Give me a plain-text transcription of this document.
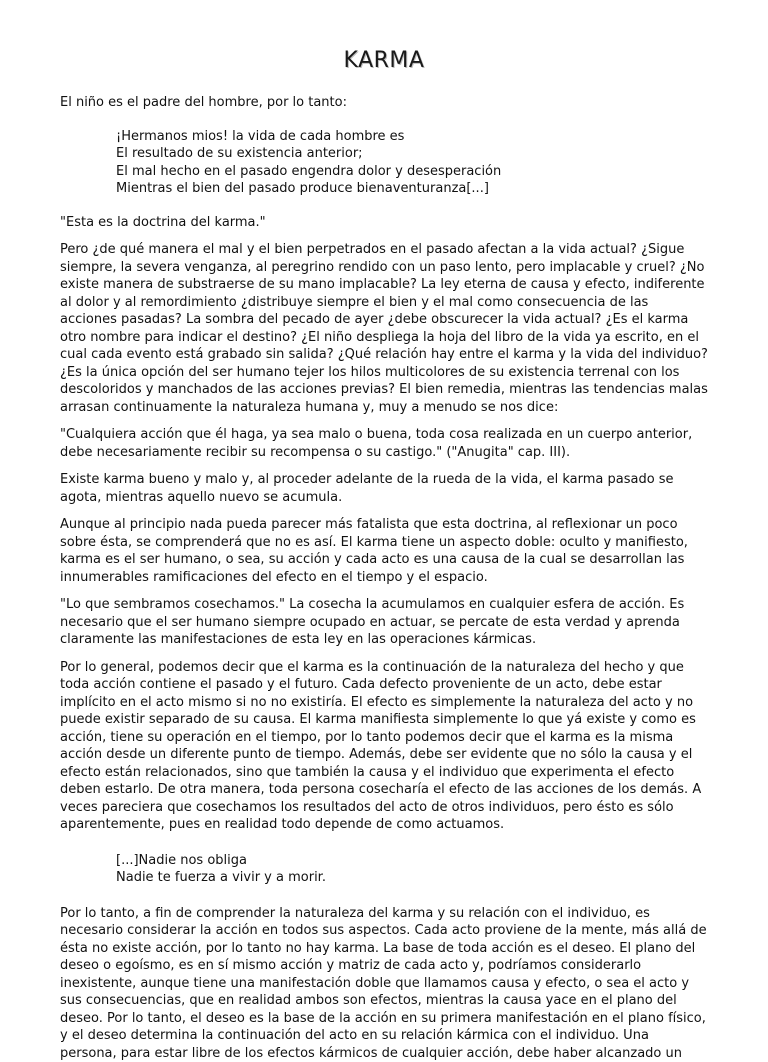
KARMA

El niño es el padre del hombre, por lo tanto:

¡Hermanos mios! la vida de cada hombre es
El resultado de su existencia anterior;
El mal hecho en el pasado engendra dolor y desesperación
Mientras el bien del pasado produce bienaventuranza[...]

"Esta es la doctrina del karma."

Pero ¿de qué manera el mal y el bien perpetrados en el pasado afectan a la vida actual? ¿Sigue siempre, la severa venganza, al peregrino rendido con un paso lento, pero implacable y cruel? ¿No existe manera de substraerse de su mano implacable? La ley eterna de causa y efecto, indiferente al dolor y al remordimiento ¿distribuye siempre el bien y el mal como consecuencia de las acciones pasadas? La sombra del pecado de ayer ¿debe obscurecer la vida actual? ¿Es el karma otro nombre para indicar el destino? ¿El niño despliega la hoja del libro de la vida ya escrito, en el cual cada evento está grabado sin salida? ¿Qué relación hay entre el karma y la vida del individuo? ¿Es la única opción del ser humano tejer los hilos multicolores de su existencia terrenal con los descoloridos y manchados de las acciones previas? El bien remedia, mientras las tendencias malas arrasan continuamente la naturaleza humana y, muy a menudo se nos dice:

"Cualquiera acción que él haga, ya sea malo o buena, toda cosa realizada en un cuerpo anterior, debe necesariamente recibir su recompensa o su castigo." ("Anugita" cap. III).

Existe karma bueno y malo y, al proceder adelante de la rueda de la vida, el karma pasado se agota, mientras aquello nuevo se acumula.

Aunque al principio nada pueda parecer más fatalista que esta doctrina, al reflexionar un poco sobre ésta, se comprenderá que no es así. El karma tiene un aspecto doble: oculto y manifiesto, karma es el ser humano, o sea, su acción y cada acto es una causa de la cual se desarrollan las innumerables ramificaciones del efecto en el tiempo y el espacio.

"Lo que sembramos cosechamos." La cosecha la acumulamos en cualquier esfera de acción. Es necesario que el ser humano siempre ocupado en actuar, se percate de esta verdad y aprenda claramente las manifestaciones de esta ley en las operaciones kármicas.

Por lo general, podemos decir que el karma es la continuación de la naturaleza del hecho y que toda acción contiene el pasado y el futuro. Cada defecto proveniente de un acto, debe estar implícito en el acto mismo si no no existiría. El efecto es simplemente la naturaleza del acto y no puede existir separado de su causa. El karma manifiesta simplemente lo que yá existe y como es acción, tiene su operación en el tiempo, por lo tanto podemos decir que el karma es la misma acción desde un diferente punto de tiempo. Además, debe ser evidente que no sólo la causa y el efecto están relacionados, sino que también la causa y el individuo que experimenta el efecto deben estarlo. De otra manera, toda persona cosecharía el efecto de las acciones de los demás. A veces pareciera que cosechamos los resultados del acto de otros individuos, pero ésto es sólo aparentemente, pues en realidad todo depende de como actuamos.

[...]Nadie nos obliga
Nadie te fuerza a vivir y a morir.

Por lo tanto, a fin de comprender la naturaleza del karma y su relación con el individuo, es necesario considerar la acción en todos sus aspectos. Cada acto proviene de la mente, más allá de ésta no existe acción, por lo tanto no hay karma. La base de toda acción es el deseo. El plano del deseo o egoísmo, es en sí mismo acción y matriz de cada acto y, podríamos considerarlo inexistente, aunque tiene una manifestación doble que llamamos causa y efecto, o sea el acto y sus consecuencias, que en realidad ambos son efectos, mientras la causa yace en el plano del deseo. Por lo tanto, el deseo es la base de la acción en su primera manifestación en el plano físico, y el deseo determina la continuación del acto en su relación kármica con el individuo. Una persona, para estar libre de los efectos kármicos de cualquier acción, debe haber alcanzado un
